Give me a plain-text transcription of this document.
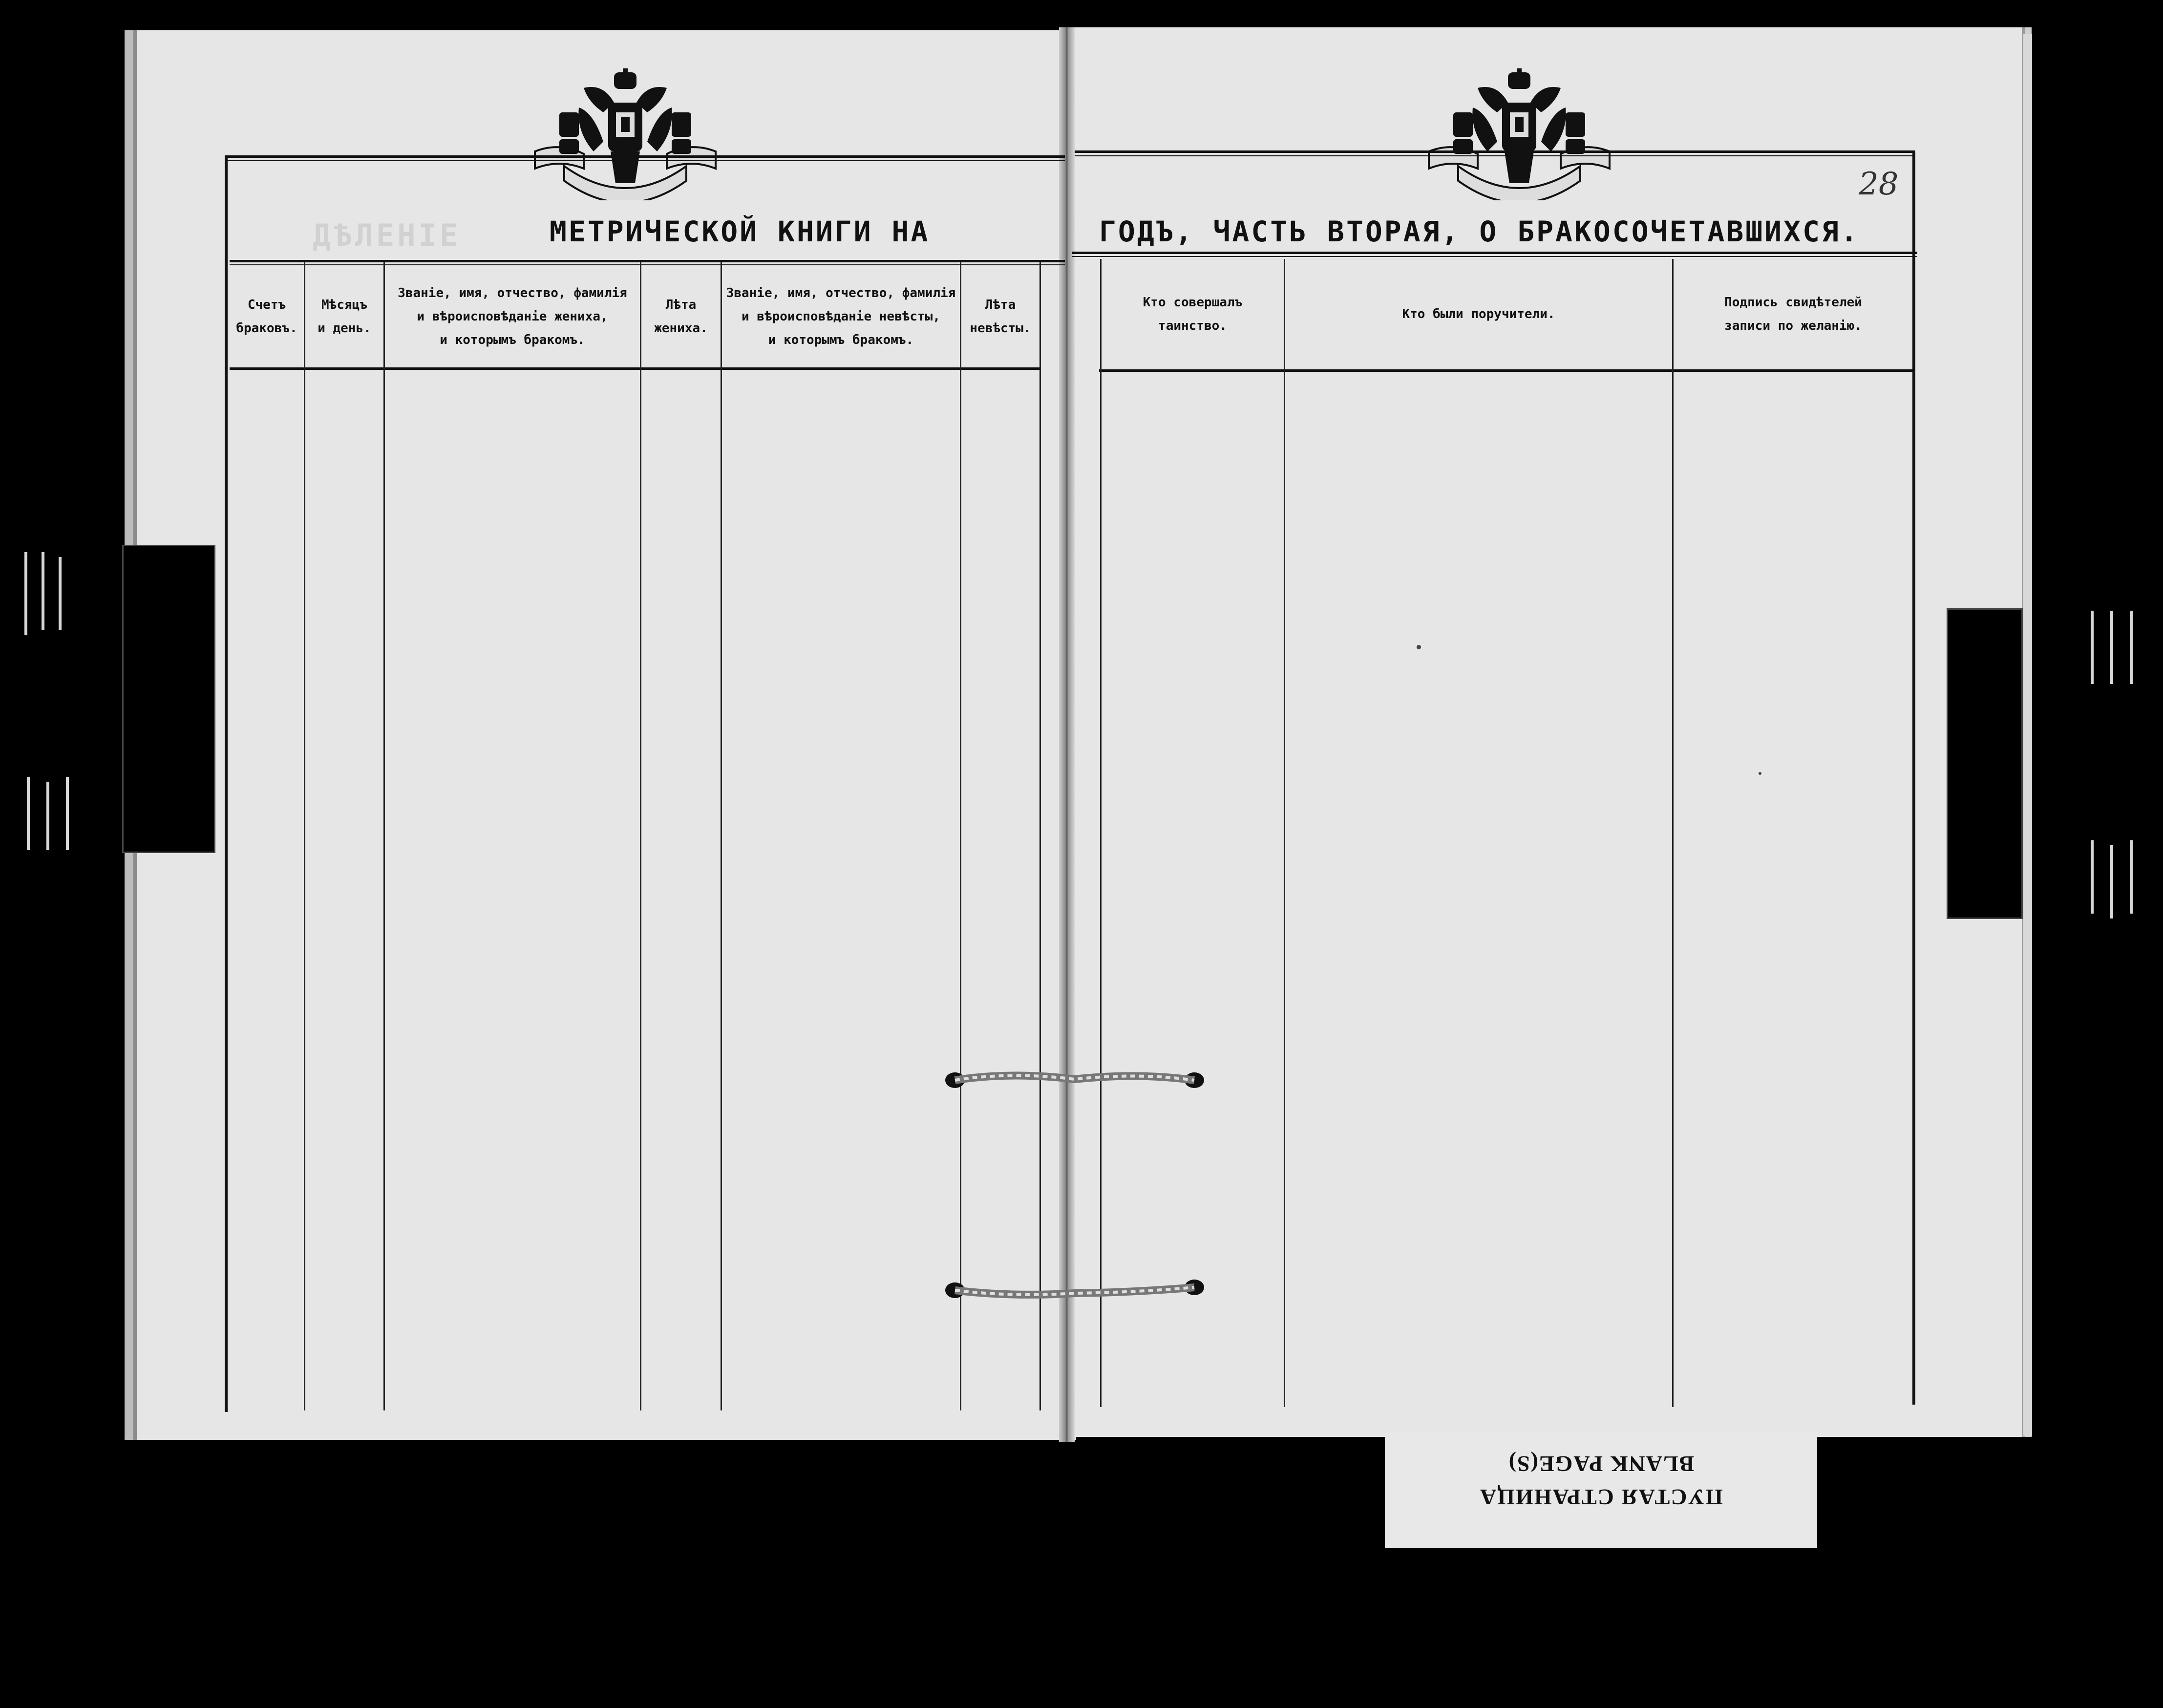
ДѢЛЕНІЕ	МЕТРИЧЕСКОЙ КНИГИ НА	ГОДЪ, ЧАСТЬ ВТОРАЯ, О БРАКОСОЧЕТАВШИХСЯ.
28
Счетъ
браковъ.
Мѣсяцъ
и день.
Званіе, имя, отчество, фамилія
и вѣроисповѣданіе жениха,
и которымъ бракомъ.
Лѣта
жениха.
Званіе, имя, отчество, фамилія
и вѣроисповѣданіе невѣсты,
и которымъ бракомъ.
Лѣта
невѣсты.
Кто совершалъ
таинство.
Кто были поручители.
Подпись свидѣтелей
записи по желанію.
ПУСТАЯ СТРАНИЦА
BLANK PAGE(S)
